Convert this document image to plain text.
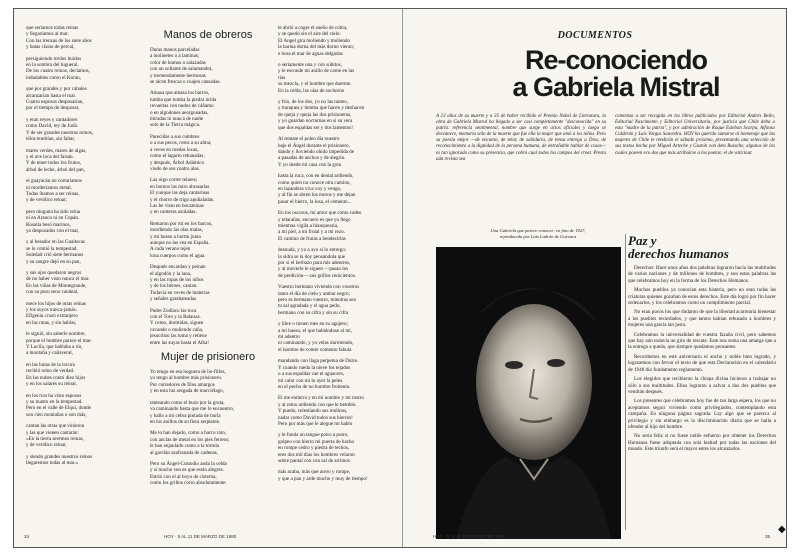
que seríamos todas reinas

y llegaríamos al mar.

Con las trenzas de los siete años

y batas claras de percal,

persiguiendo tordos huidos

en la sombra del higueral.

De los cuatro reinos, decíamos,

indudables como el Korán,

que por grandes y por cabales

alcanzarían hasta el mar.

Cuatro esposos desposarían,

por el tiempo de desposar,

y eran reyes y cantadores

como David, rey de Judá.

Y de ser grandes nuestros reinos,

ellos tendrían, sin faltar,

mares verdes, mares de algas,

y el ave loca del faisán.

Y de tener todos los frutos,

árbol de leche, árbol del pan,

el guayacán no cortaríamos

ni morderíamos metal.

Todas íbamos a ser reinas,

y de verídico reinar;

pero ninguna ha sido reina

ni en Arauco ni en Copán.

Rosalía besó marinos,

ya desposados con el mar,

y al besador en las Guaitecas

se lo comió la tempestad.

Soledad crió siete hermanos

y su sangre dejó en su pan,

y sus ojos quedaron negros

de no haber visto nunca el mar.

En las viñas de Montegrande,

con su puro seno candeal,

mece los hijos de otras reinas

y los suyos nunca-jamás.

Efigenia cruzó extranjero

en las rutas, y sin hablar,

le siguió, sin saberle nombre,

porque el hombre parece el mar.

Y Lucila, que hablaba a río,

a montaña y cañaveral,

en las lunas de la locura

recibió reino de verdad.

En las nubes contó diez hijos

y en los salares su reinar,

en los ríos ha visto esposos

y su manto en la tempestad.

Pero en el valle de Elqui, donde

son cien montañas o son más,

cantan las otras que vinieron

y las que vienen cantarán:

«En la tierra seremos reinas,

y de verídico reinar,

y siendo grandes nuestros reinos

llegaremos todas al mar.»

Manos de obreros

Duras manos parceladas

a molinetes o a laminas;

color de humus o salazadas

con un sollame de salamandra,

y tremendamente hermosas

se alcen frescas o cuajen cansadas.

Amasa que amasa los barros,

tumba que tumba la piedra ácida

revueltas con nudos de cáñamo

o en algodones aeorgonadas,

miradas ni nunca de nadie

solo de la Tierra mágica.

Parecidas a sus cumbres

o a sus pecos, rotos a su alma;

a veces en ruedas locas,

como el lagarto rebanadas,

y después, Árbol Adámico

viudo de sus cuatro alas.

Las oigo correr telares;

en hornos las miro abrasarlas

El yunque las deja cantarinas

y el chorro de trigo apuñaladas.

Las he visto en bocaminas

y en canteras azuladas.

Remaron por mí en los barcos,

mordiendo las olas malas,

y mi hueso a hortín junta

aunque no las vea en España.

A cada verano tejen

lona cuerpos como el agua.

Después encardan y peinan

el algodón y la lana,

y en las ropas de los niños

y de los héroes, cantan.

Todavía en veces de materias

y señales garabateadas

Padre Zodíaco las toca

con el Toro y la Balanza.

Y como, dormidas, siguen

cavando o moliendo caña,

jesucristo las toma y retiene

entre las suyas hasta el Alba!

Mujer de prisionero

Yo tengo en esa hoguera de ho-fillos,

yo tengo al hombre más prisionero.

Por corredores de filos amargos

y en esta luz sesgada de murciélago,

tanteando como el buzo por la gruta,

va caminando hasta que me lo encuentro,

y hallo a mi cebra pintada de burla

en los anillos de su fiera serpiente.

Me lo han dejado, como a barco roto,

con anclas de metal en los pies ferreos;

le han enjaulado como a la tórtola

al gavilán azafranada de cadenas.

Pero su Ángel-Custodio anda la celda

y si mucho ven es que están alegres.

Estrió con el al hoyo de cisterna,

como los grillos corro absolutamente.

le abrió a coger el sueño de cobra,

y se quedó sin el aire del cielo.

El Angel gira moliendo y moliendo

la harina dorna del más dorno viento;

e hora el mar de aguas delgadas

o seriamente una y con súbitos,

y le esconde mi anillo de carne en las

rías

su mezcla, y el hombre que duerme.

En la celda, las olas de sochorno

y frío, de los dos, yo no las tanteo,

y tranquea y tiemba que hacen y dezhacen

de queja y queja las dos prisioneras,

y yo guardan nocturnas en si su vera

que dos espaldas ser y dos lamentos!

Al remate el poleo día nuestro

baje el Ángel durante el prisionero,

dando y lloviendo ohido impedida de

a pasadas de anchos y de alegría.

Y yo desde mi casa con la gota

hasta la ruca, con en dental ardiendo,

como quien no conoce otra camino,

en lazandera viva voy y vengo,

y al fin se abren los muros y me dejan

pasar el hierro, la losa, el cemento...

En los oscuros, mi amor que como rodeo

y telarañas, encuero es que yo llego

mientras vigila a blanquearía,

a mi piel, a mi frutal y a mi rezo.

El camino de frutas a bendecirlas

desnuda, y yo a ayo si lo entrego;

la sidra se la doy pensándola que

por sí el herbazo para mis adentros,

y al moverle le siguen —pasan los

de perdición— sus grillos cenicientos.

Vuestro hermano viviendo con vosotros

tanto el día de cielo y ambar negro;

pero es hermano vuestro, mientras sea

tu sal agradada y el agua pedo,

hermano con su cifra y sin su cifra

y libre o tienen mes en su agujero;

a mi hueso, el que habiéndose al mí,

mi adentro

ni caminando, y yo velas durmiendo,

el hombre de comer comento fabula

mandando con llaga perpetua de Dulce.

Y cuando rueda la nieve los tejados

o a sus espaldas cae el aguacero,

mi calor con mi lo ayer la pelea

en el pecho de no hombre frotiento.

El me entierra y en mi nombre y mi rostro

y al reino ardiendo con que le tiemblo.

Y puedo, celestiando sus molinos,

nadar como David todos sus hierros!

Pero por más que le alegue mi hablo

y le funda un tangue potro a potro,

golpeo con hierro mi puerta de hacho

en rompe cedro y piedra de techos,

eres dos mil días los hombres velaron

sobre pantal con con sal de arrimos

más acaba, más que acero y rompe,

y que a pan y arde mucho y muy de tiempo!

34	HOY · 5 AL 11 DE MARZO DE 1980
DOCUMENTOS
Re-conociendo
a Gabriela Mistral
A 23 años de su muerte y a 35 de haber recibido el Premio Nobel de Literatura, la obra de Gabriela Mistral ha llegado a ser casi completamente "desconocida" en su patria: referencia sentimental, nombre que surge en actos oficiales y luego se desvanece, memoria sólo de la muerte que fue ella la mujer que amó a los niños. Pero su poesía mejor —de encanto, de telar, de sabiduría, de tensa entrega a Dios, de reconocimiento a la dignidad de la persona humana, de entrañable hablar de cosas— es tan ignorada como su presencia, que cobró cual todos los campos del creat. Presta aún revista sea
comienza a ser recogida en los libros publicados por Editorial Andrés Bello, Editorial Nascimento y Editorial Universitaria, por justicia que Chile deba a esta "madre de la patria", y por admiración de Roque Esteban Scarpa, Alfonso Calderón y Luis Vargas Saavedra. HOY ha querido sumarse al homenaje que las mujeres de Chile le rendirán el sábado próximo, presentando una selección de sus textos hecha por Miguel Arteche y Gastón von dem Bussche, algunos de los cuales poseen eco dos que más atribuirse a los poetas: el de vaticinar.
Una Gabriela que parece conocer: en foto de 1927,
reproducida por Luis Ladrón de Guevara	Paz y
derechos humanos

Derechos: Hace unos años dos palabras lograron hacia las multitudes de varios naciones y de millones de hombres, y son estas palabras las que celebramos hoy en la forma de los Derechos Humanos.

Muchos pueblos ya conocían esta histeria, pero no eran todas las criaturas quienes gozaban de estos derechos. Este día logró por fin hacer ordenarlos, y los celebramos como un cumplimiento parcial.

No eran pocos los que dudaron de que la libertad acarrearía bienestar a los pueblos recordados, y que tantos habían rehusado a hombres y mujeres una gracia tan justa.

Celebramos la universalidad de vuestra fazaña civil, pero sabemos que hay aún todavía un giro de rescate. Este nos suma una amarga que a la entrega a queda, que siempre quedamos pensantes.

Recordemos en este aniversario el ancho y noble bien logrado, y lograremos con fervor el texto de que esta Declaración en el calendario de 1948 dio fundamento reglamento.

Los elegidos que recibieron la chispa divina hicieron a trabajar no sólo a sus multitudes. Ellos lograron a salvar a dos dos pueblos que vendrán después.

Los presentes que celebramos hoy fue de tan larga espera, los que no aceptamos seguir viviendo como privilegiados, contemplando esta campaña. En ninguna página sagrada. Lay algo que se parezca al privilegio y sin embargo es la discriminación diaria que se halla a ofender al hijo del hombre.

No sería feliz si no fuese noble esfuerzo por obtener los Derechos Humanos fuese adoptada con sola lealtad por todas las naciones del mundo. Este triunfo será el mayor entre los alcanzados.

HOY · 5 AL 11 DE MARZO DE 1980	35
◆
